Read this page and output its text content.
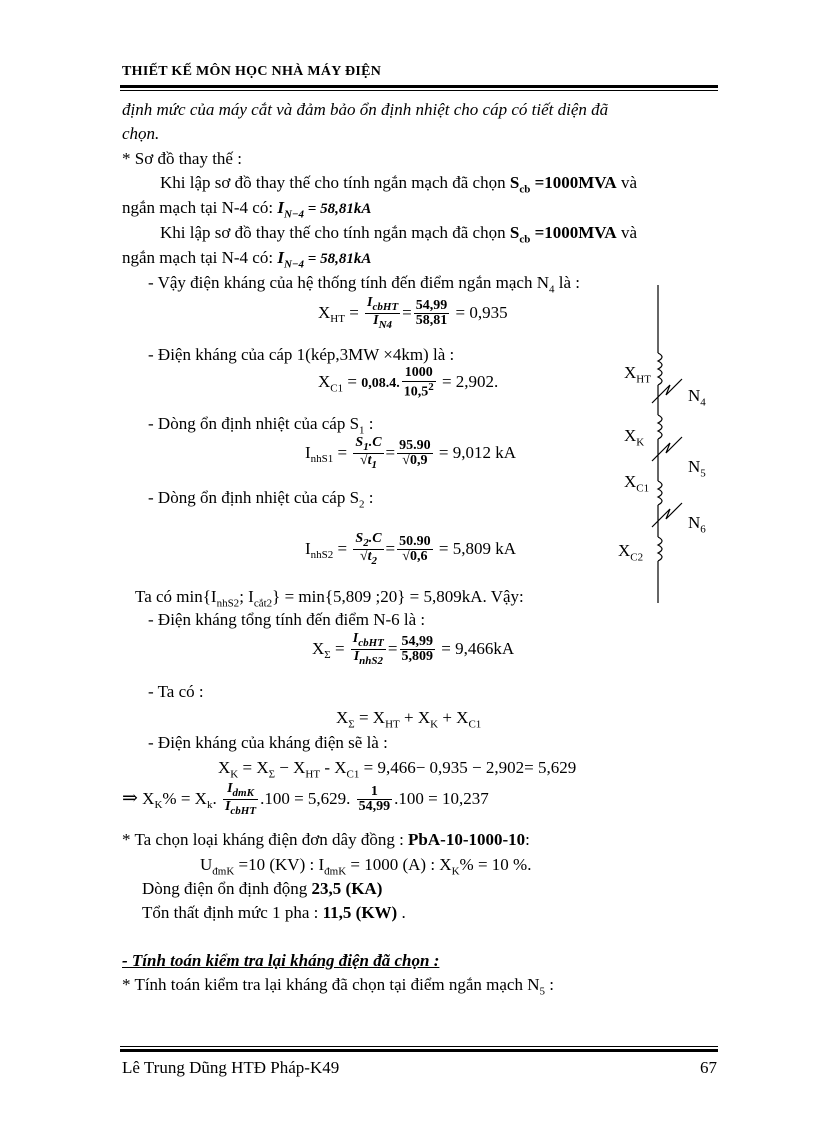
THIẾT KẾ MÔN HỌC NHÀ MÁY ĐIỆN
định mức của máy cắt và đảm bảo ổn định nhiệt cho cáp có tiết diện đã
chọn.
* Sơ đồ thay thế :
Khi lập sơ đồ thay thế cho tính ngắn mạch đã chọn $S_{cb} =1000MVA$ và
ngắn mạch tại N-4 có: $I_{N-4} = 58,81kA$
Khi lập sơ đồ thay thế cho tính ngắn mạch đã chọn $S_{cb} =1000MVA$ và
ngắn mạch tại N-4 có: $I_{N-4} = 58,81kA$
- Vậy điện kháng của hệ thống tính đến điểm ngắn mạch $N_4$ là :
$X_{HT} = \frac{I_{cbHT}}{I_{N4}} = \frac{54,99}{58,81} = 0,935$
- Điện kháng của cáp 1(kép,3MW ×4km) là :
$X_{C1} = 0,08.4$. $\frac{1000}{10,5^2} = 2,902$.
- Dòng ổn định nhiệt của cáp $S_1$ :
$I_{nhS1} = \frac{S_1.C}{√t_1} = \frac{95.90}{√0,9} = 9,012$ kA
- Dòng ổn định nhiệt của cáp $S_2$ :
$I_{nhS2} = \frac{S_2.C}{√t_2} = \frac{50.90}{√0,6} = 5,809$ kA
Ta có $\min\{I_{nhS2}$; $I_{cắt2}\} = \min\{5,809$ ;20} = 5,809kA. Vậy:
- Điện kháng tổng tính đến điểm N-6 là :
$X_\Sigma = \frac{I_{cbHT}}{I_{nhS2}} = \frac{54,99}{5,809} = 9,466kA$
- Ta có :
$X_\Sigma = X_{HT} + X_K + X_{C1}$
- Điện kháng của kháng điện sẽ là :
$X_K = X_\Sigma - X_{HT} - X_{C1} = 9,466- 0,935 - 2,902= 5,629$
⇒ $X_K\% = X_k$. $\frac{I_{dmK}}{I_{cbHT}} .100 = 5,629$. $\frac{1}{54,99} .100 = 10,237$
* Ta chọn loại kháng điện đơn dây đồng : PbA-10-1000-10:
$U_{đmK} =10$ (KV) : $I_{đmK} = 1000$ (A) : $X_K\% = 10$ %.
Dòng điện ổn định động 23,5 (KA)
Tổn thất định mức 1 pha : 11,5 (KW) .
- Tính toán kiểm tra lại kháng điện đã chọn :
* Tính toán kiểm tra lại kháng đã chọn tại điểm ngắn mạch $N_5$ :
$X_{HT}$
$N_4$
$X_K$
$N_5$
$X_{C1}$
$N_6$
$X_{C2}$
Lê Trung Dũng HTĐ Pháp-K49	67
